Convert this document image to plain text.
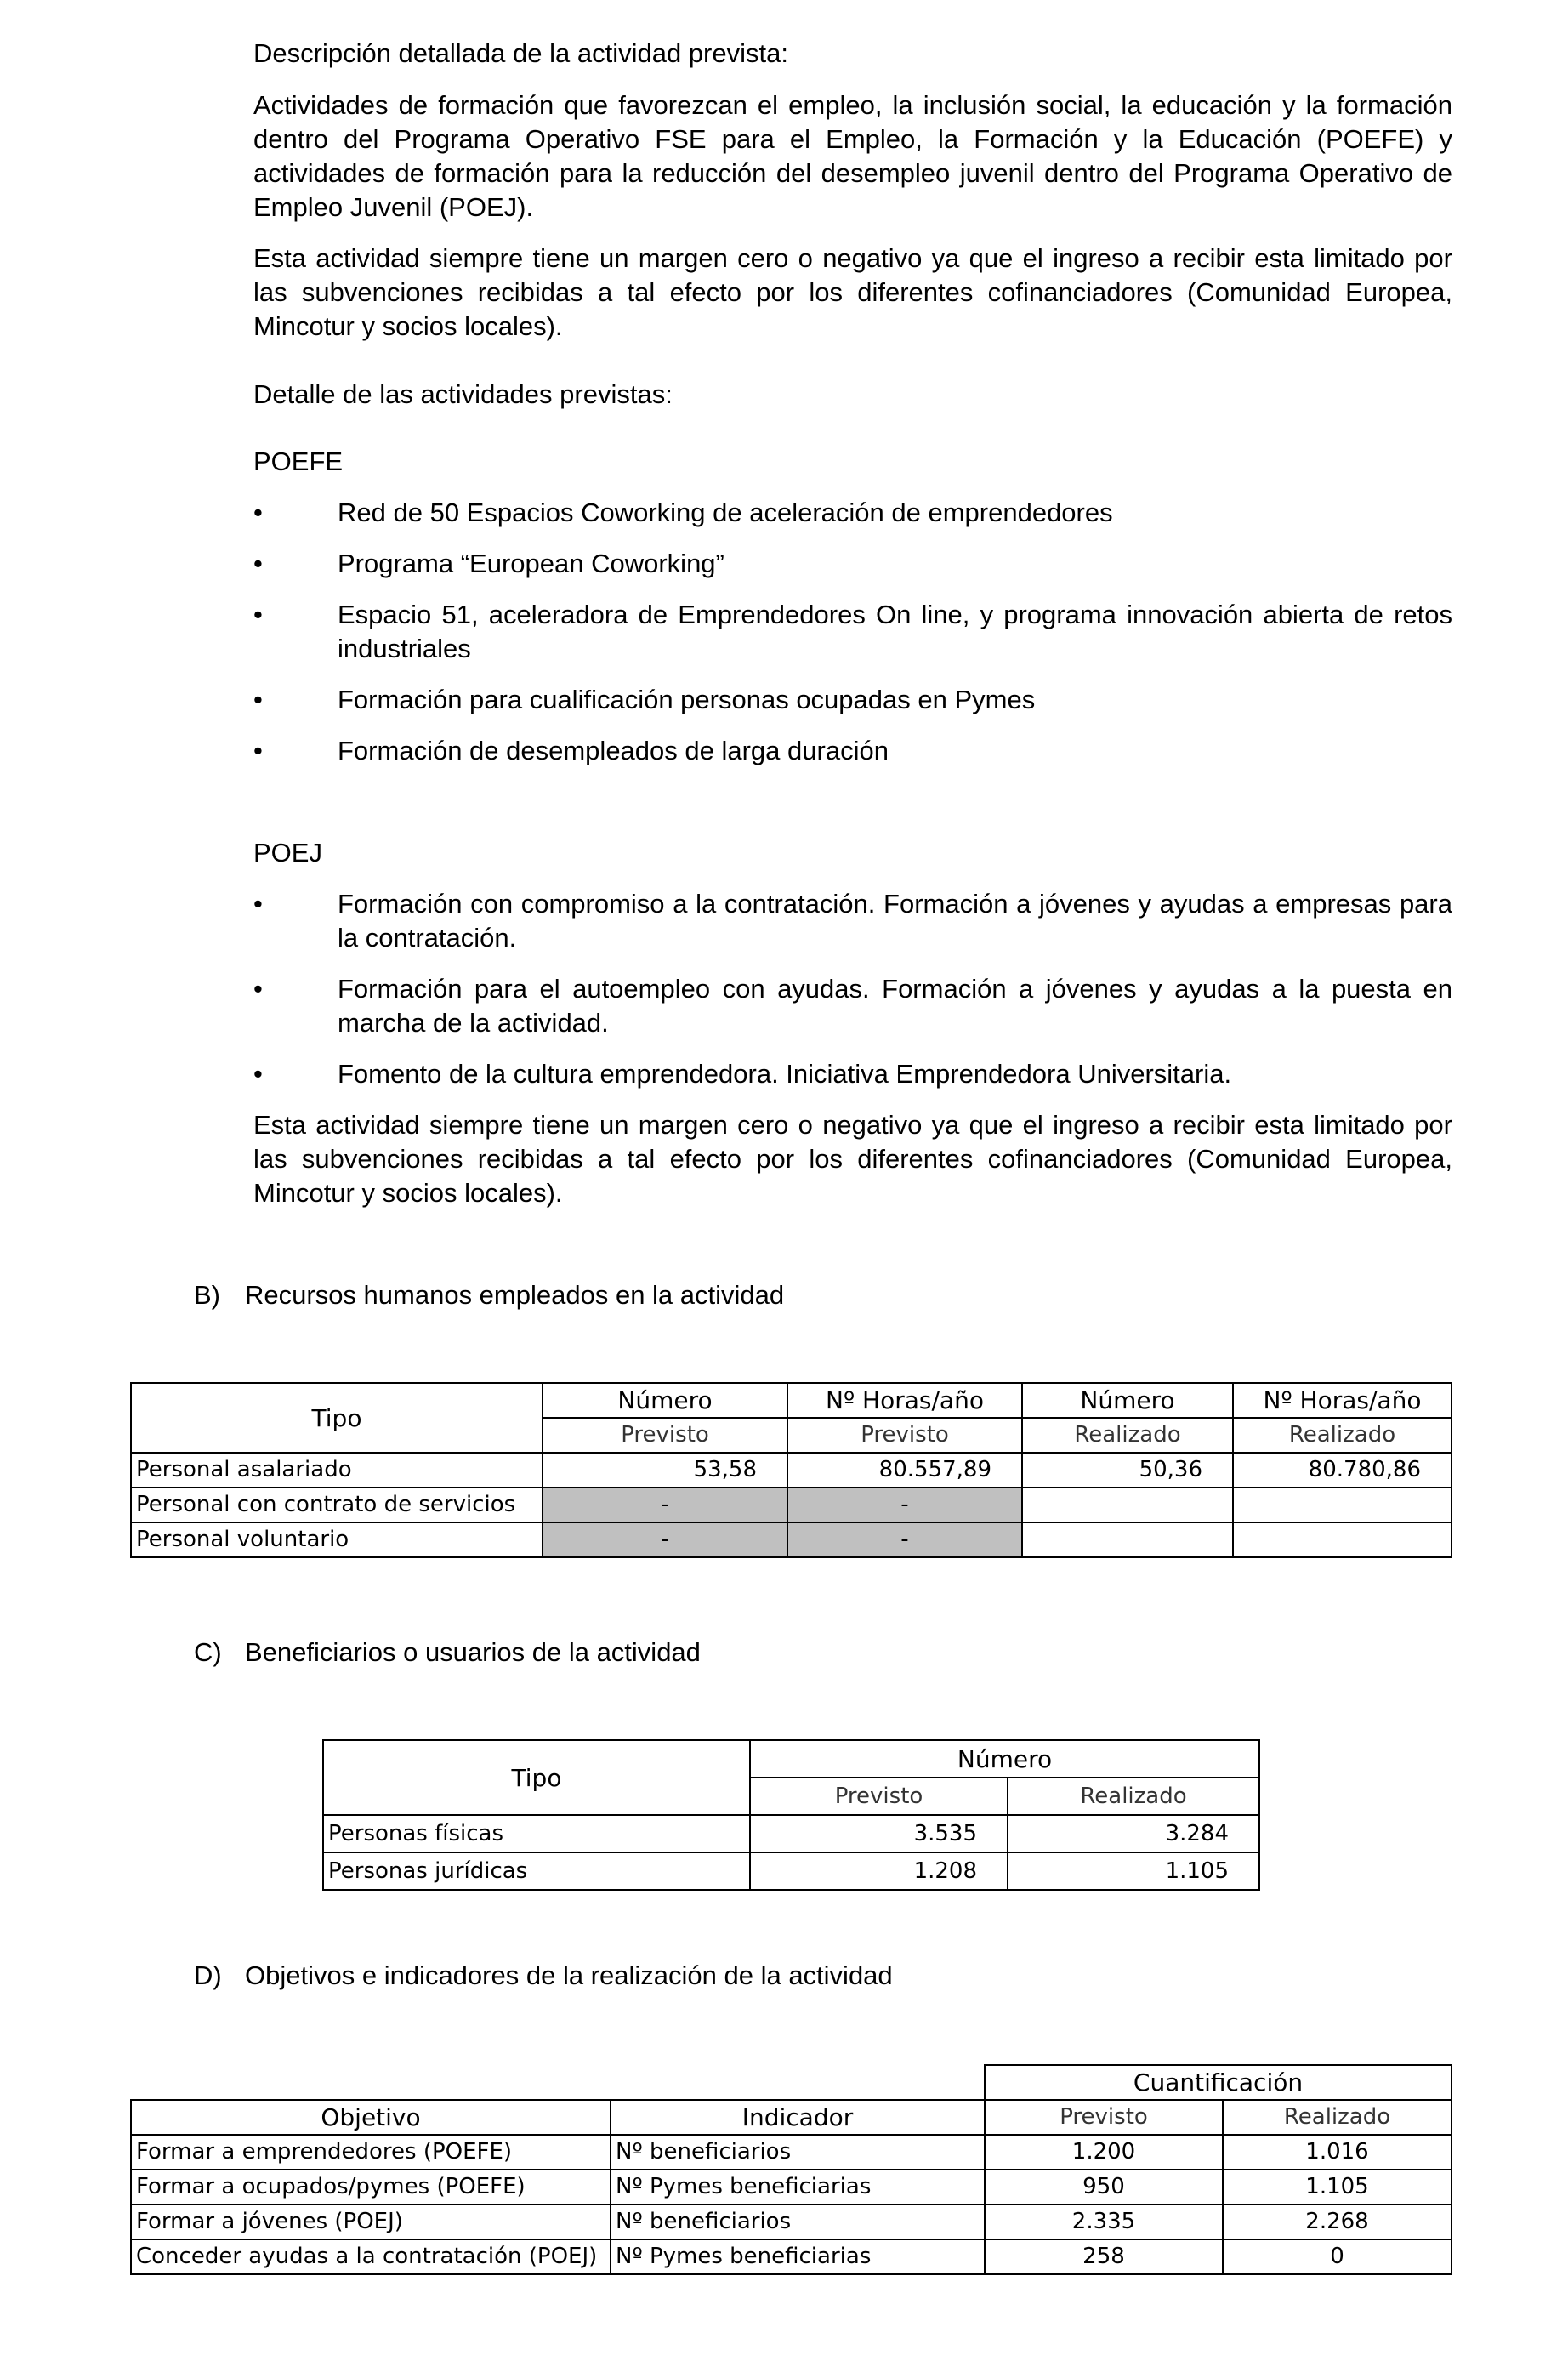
Descripción detallada de la actividad prevista:

Actividades de formación que favorezcan el empleo, la inclusión social, la educación y la formación dentro del Programa Operativo FSE para el Empleo, la Formación y la Educación (POEFE) y actividades de formación para la reducción del desempleo juvenil dentro del Programa Operativo de Empleo Juvenil (POEJ).

Esta actividad siempre tiene un margen cero o negativo ya que el ingreso a recibir esta limitado por las subvenciones recibidas a tal efecto por los diferentes cofinanciadores (Comunidad Europea, Mincotur y socios locales).

Detalle de las actividades previstas:

POEFE

•	Red de 50 Espacios Coworking de aceleración de emprendedores

•	Programa “European Coworking”

•	Espacio 51, aceleradora de Emprendedores On line, y programa innovación abierta de retos industriales

•	Formación para cualificación personas ocupadas en Pymes

•	Formación de desempleados de larga duración

POEJ

•	Formación con compromiso a la contratación. Formación a jóvenes y ayudas a empresas para la contratación.

•	Formación para el autoempleo con ayudas. Formación a jóvenes y ayudas a la puesta en marcha de la actividad.

•	Fomento de la cultura emprendedora. Iniciativa Emprendedora Universitaria.

Esta actividad siempre tiene un margen cero o negativo ya que el ingreso a recibir esta limitado por las subvenciones recibidas a tal efecto por los diferentes cofinanciadores (Comunidad Europea, Mincotur y socios locales).

B) Recursos humanos empleados en la actividad
Tipo	Número	Nº Horas/año	Número	Nº Horas/año
	Previsto	Previsto	Realizado	Realizado
Personal asalariado	53,58	80.557,89	50,36	80.780,86
Personal con contrato de servicios	-	-		
Personal voluntario	-	-		
C) Beneficiarios o usuarios de la actividad
Tipo	Número	
	Previsto	Realizado
Personas físicas	3.535	3.284
Personas jurídicas	1.208	1.105
D) Objetivos e indicadores de la realización de la actividad
		Cuantificación	
Objetivo	Indicador	Previsto	Realizado
Formar a emprendedores (POEFE)	Nº beneficiarios	1.200	1.016
Formar a ocupados/pymes (POEFE)	Nº Pymes beneficiarias	950	1.105
Formar a jóvenes (POEJ)	Nº beneficiarios	2.335	2.268
Conceder ayudas a la contratación (POEJ)	Nº Pymes beneficiarias	258	0
